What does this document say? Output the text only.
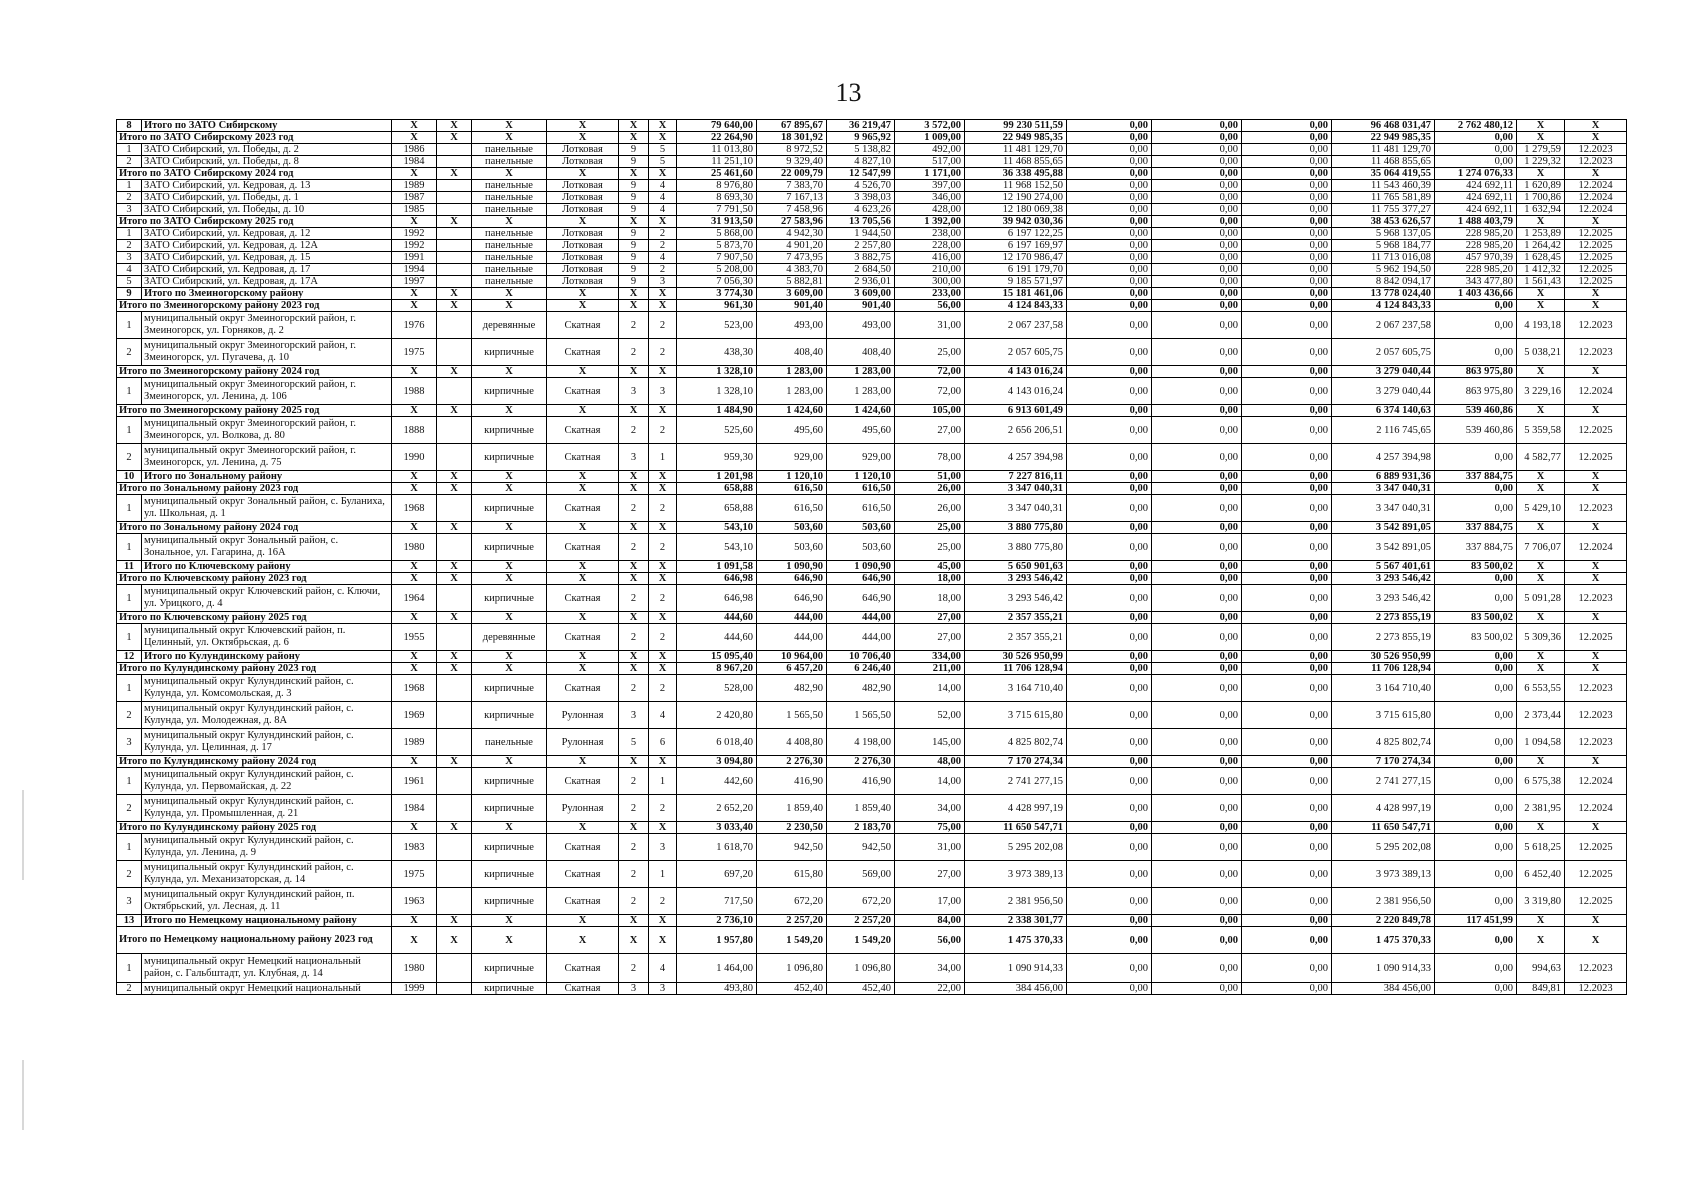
13
8	Итого по ЗАТО Сибирскому	X	X	X	X	X	X	79 640,00	67 895,67	36 219,47	3 572,00	99 230 511,59	0,00	0,00	0,00	96 468 031,47	2 762 480,12	X	X
Итого по ЗАТО Сибирскому 2023 год		X	X	X	X	X	X	22 264,90	18 301,92	9 965,92	1 009,00	22 949 985,35	0,00	0,00	0,00	22 949 985,35	0,00	X	X
1	ЗАТО Сибирский, ул. Победы, д. 2	1986		панельные	Лотковая	9	5	11 013,80	8 972,52	5 138,82	492,00	11 481 129,70	0,00	0,00	0,00	11 481 129,70	0,00	1 279,59	12.2023
2	ЗАТО Сибирский, ул. Победы, д. 8	1984		панельные	Лотковая	9	5	11 251,10	9 329,40	4 827,10	517,00	11 468 855,65	0,00	0,00	0,00	11 468 855,65	0,00	1 229,32	12.2023
Итого по ЗАТО Сибирскому 2024 год		X	X	X	X	X	X	25 461,60	22 009,79	12 547,99	1 171,00	36 338 495,88	0,00	0,00	0,00	35 064 419,55	1 274 076,33	X	X
1	ЗАТО Сибирский, ул. Кедровая, д. 13	1989		панельные	Лотковая	9	4	8 976,80	7 383,70	4 526,70	397,00	11 968 152,50	0,00	0,00	0,00	11 543 460,39	424 692,11	1 620,89	12.2024
2	ЗАТО Сибирский, ул. Победы, д. 1	1987		панельные	Лотковая	9	4	8 693,30	7 167,13	3 398,03	346,00	12 190 274,00	0,00	0,00	0,00	11 765 581,89	424 692,11	1 700,86	12.2024
3	ЗАТО Сибирский, ул. Победы, д. 10	1985		панельные	Лотковая	9	4	7 791,50	7 458,96	4 623,26	428,00	12 180 069,38	0,00	0,00	0,00	11 755 377,27	424 692,11	1 632,94	12.2024
Итого по ЗАТО Сибирскому 2025 год		X	X	X	X	X	X	31 913,50	27 583,96	13 705,56	1 392,00	39 942 030,36	0,00	0,00	0,00	38 453 626,57	1 488 403,79	X	X
1	ЗАТО Сибирский, ул. Кедровая, д. 12	1992		панельные	Лотковая	9	2	5 868,00	4 942,30	1 944,50	238,00	6 197 122,25	0,00	0,00	0,00	5 968 137,05	228 985,20	1 253,89	12.2025
2	ЗАТО Сибирский, ул. Кедровая, д. 12А	1992		панельные	Лотковая	9	2	5 873,70	4 901,20	2 257,80	228,00	6 197 169,97	0,00	0,00	0,00	5 968 184,77	228 985,20	1 264,42	12.2025
3	ЗАТО Сибирский, ул. Кедровая, д. 15	1991		панельные	Лотковая	9	4	7 907,50	7 473,95	3 882,75	416,00	12 170 986,47	0,00	0,00	0,00	11 713 016,08	457 970,39	1 628,45	12.2025
4	ЗАТО Сибирский, ул. Кедровая, д. 17	1994		панельные	Лотковая	9	2	5 208,00	4 383,70	2 684,50	210,00	6 191 179,70	0,00	0,00	0,00	5 962 194,50	228 985,20	1 412,32	12.2025
5	ЗАТО Сибирский, ул. Кедровая, д. 17А	1997		панельные	Лотковая	9	3	7 056,30	5 882,81	2 936,01	300,00	9 185 571,97	0,00	0,00	0,00	8 842 094,17	343 477,80	1 561,43	12.2025
9	Итого по Змеиногорскому району	X	X	X	X	X	X	3 774,30	3 609,00	3 609,00	233,00	15 181 461,06	0,00	0,00	0,00	13 778 024,40	1 403 436,66	X	X
Итого по Змеиногорскому району 2023 год		X	X	X	X	X	X	961,30	901,40	901,40	56,00	4 124 843,33	0,00	0,00	0,00	4 124 843,33	0,00	X	X
1	муниципальный округ Змеиногорский район, г. Змеиногорск, ул. Горняков, д. 2	1976		деревянные	Скатная	2	2	523,00	493,00	493,00	31,00	2 067 237,58	0,00	0,00	0,00	2 067 237,58	0,00	4 193,18	12.2023
2	муниципальный округ Змеиногорский район, г. Змеиногорск, ул. Пугачева, д. 10	1975		кирпичные	Скатная	2	2	438,30	408,40	408,40	25,00	2 057 605,75	0,00	0,00	0,00	2 057 605,75	0,00	5 038,21	12.2023
Итого по Змеиногорскому району 2024 год		X	X	X	X	X	X	1 328,10	1 283,00	1 283,00	72,00	4 143 016,24	0,00	0,00	0,00	3 279 040,44	863 975,80	X	X
1	муниципальный округ Змеиногорский район, г. Змеиногорск, ул. Ленина, д. 106	1988		кирпичные	Скатная	3	3	1 328,10	1 283,00	1 283,00	72,00	4 143 016,24	0,00	0,00	0,00	3 279 040,44	863 975,80	3 229,16	12.2024
Итого по Змеиногорскому району 2025 год		X	X	X	X	X	X	1 484,90	1 424,60	1 424,60	105,00	6 913 601,49	0,00	0,00	0,00	6 374 140,63	539 460,86	X	X
1	муниципальный округ Змеиногорский район, г. Змеиногорск, ул. Волкова, д. 80	1888		кирпичные	Скатная	2	2	525,60	495,60	495,60	27,00	2 656 206,51	0,00	0,00	0,00	2 116 745,65	539 460,86	5 359,58	12.2025
2	муниципальный округ Змеиногорский район, г. Змеиногорск, ул. Ленина, д. 75	1990		кирпичные	Скатная	3	1	959,30	929,00	929,00	78,00	4 257 394,98	0,00	0,00	0,00	4 257 394,98	0,00	4 582,77	12.2025
10	Итого по Зональному району	X	X	X	X	X	X	1 201,98	1 120,10	1 120,10	51,00	7 227 816,11	0,00	0,00	0,00	6 889 931,36	337 884,75	X	X
Итого по Зональному району 2023 год		X	X	X	X	X	X	658,88	616,50	616,50	26,00	3 347 040,31	0,00	0,00	0,00	3 347 040,31	0,00	X	X
1	муниципальный округ Зональный район, с. Буланиха, ул. Школьная, д. 1	1968		кирпичные	Скатная	2	2	658,88	616,50	616,50	26,00	3 347 040,31	0,00	0,00	0,00	3 347 040,31	0,00	5 429,10	12.2023
Итого по Зональному району 2024 год		X	X	X	X	X	X	543,10	503,60	503,60	25,00	3 880 775,80	0,00	0,00	0,00	3 542 891,05	337 884,75	X	X
1	муниципальный округ Зональный район, с. Зональное, ул. Гагарина, д. 16А	1980		кирпичные	Скатная	2	2	543,10	503,60	503,60	25,00	3 880 775,80	0,00	0,00	0,00	3 542 891,05	337 884,75	7 706,07	12.2024
11	Итого по Ключевскому району	X	X	X	X	X	X	1 091,58	1 090,90	1 090,90	45,00	5 650 901,63	0,00	0,00	0,00	5 567 401,61	83 500,02	X	X
Итого по Ключевскому району 2023 год		X	X	X	X	X	X	646,98	646,90	646,90	18,00	3 293 546,42	0,00	0,00	0,00	3 293 546,42	0,00	X	X
1	муниципальный округ Ключевский район, с. Ключи, ул. Урицкого, д. 4	1964		кирпичные	Скатная	2	2	646,98	646,90	646,90	18,00	3 293 546,42	0,00	0,00	0,00	3 293 546,42	0,00	5 091,28	12.2023
Итого по Ключевскому району 2025 год		X	X	X	X	X	X	444,60	444,00	444,00	27,00	2 357 355,21	0,00	0,00	0,00	2 273 855,19	83 500,02	X	X
1	муниципальный округ Ключевский район, п. Целинный, ул. Октябрьская, д. 6	1955		деревянные	Скатная	2	2	444,60	444,00	444,00	27,00	2 357 355,21	0,00	0,00	0,00	2 273 855,19	83 500,02	5 309,36	12.2025
12	Итого по Кулундинскому району	X	X	X	X	X	X	15 095,40	10 964,00	10 706,40	334,00	30 526 950,99	0,00	0,00	0,00	30 526 950,99	0,00	X	X
Итого по Кулундинскому району 2023 год		X	X	X	X	X	X	8 967,20	6 457,20	6 246,40	211,00	11 706 128,94	0,00	0,00	0,00	11 706 128,94	0,00	X	X
1	муниципальный округ Кулундинский район, с. Кулунда, ул. Комсомольская, д. 3	1968		кирпичные	Скатная	2	2	528,00	482,90	482,90	14,00	3 164 710,40	0,00	0,00	0,00	3 164 710,40	0,00	6 553,55	12.2023
2	муниципальный округ Кулундинский район, с. Кулунда, ул. Молодежная, д. 8А	1969		кирпичные	Рулонная	3	4	2 420,80	1 565,50	1 565,50	52,00	3 715 615,80	0,00	0,00	0,00	3 715 615,80	0,00	2 373,44	12.2023
3	муниципальный округ Кулундинский район, с. Кулунда, ул. Целинная, д. 17	1989		панельные	Рулонная	5	6	6 018,40	4 408,80	4 198,00	145,00	4 825 802,74	0,00	0,00	0,00	4 825 802,74	0,00	1 094,58	12.2023
Итого по Кулундинскому району 2024 год		X	X	X	X	X	X	3 094,80	2 276,30	2 276,30	48,00	7 170 274,34	0,00	0,00	0,00	7 170 274,34	0,00	X	X
1	муниципальный округ Кулундинский район, с. Кулунда, ул. Первомайская, д. 22	1961		кирпичные	Скатная	2	1	442,60	416,90	416,90	14,00	2 741 277,15	0,00	0,00	0,00	2 741 277,15	0,00	6 575,38	12.2024
2	муниципальный округ Кулундинский район, с. Кулунда, ул. Промышленная, д. 21	1984		кирпичные	Рулонная	2	2	2 652,20	1 859,40	1 859,40	34,00	4 428 997,19	0,00	0,00	0,00	4 428 997,19	0,00	2 381,95	12.2024
Итого по Кулундинскому району 2025 год		X	X	X	X	X	X	3 033,40	2 230,50	2 183,70	75,00	11 650 547,71	0,00	0,00	0,00	11 650 547,71	0,00	X	X
1	муниципальный округ Кулундинский район, с. Кулунда, ул. Ленина, д. 9	1983		кирпичные	Скатная	2	3	1 618,70	942,50	942,50	31,00	5 295 202,08	0,00	0,00	0,00	5 295 202,08	0,00	5 618,25	12.2025
2	муниципальный округ Кулундинский район, с. Кулунда, ул. Механизаторская, д. 14	1975		кирпичные	Скатная	2	1	697,20	615,80	569,00	27,00	3 973 389,13	0,00	0,00	0,00	3 973 389,13	0,00	6 452,40	12.2025
3	муниципальный округ Кулундинский район, п. Октябрьский, ул. Лесная, д. 11	1963		кирпичные	Скатная	2	2	717,50	672,20	672,20	17,00	2 381 956,50	0,00	0,00	0,00	2 381 956,50	0,00	3 319,80	12.2025
13	Итого по Немецкому национальному району	X	X	X	X	X	X	2 736,10	2 257,20	2 257,20	84,00	2 338 301,77	0,00	0,00	0,00	2 220 849,78	117 451,99	X	X
Итого по Немецкому национальному району 2023 год		X	X	X	X	X	X	1 957,80	1 549,20	1 549,20	56,00	1 475 370,33	0,00	0,00	0,00	1 475 370,33	0,00	X	X
1	муниципальный округ Немецкий национальный район, с. Гальбштадт, ул. Клубная, д. 14	1980		кирпичные	Скатная	2	4	1 464,00	1 096,80	1 096,80	34,00	1 090 914,33	0,00	0,00	0,00	1 090 914,33	0,00	994,63	12.2023
2	муниципальный округ Немецкий национальный	1999		кирпичные	Скатная	3	3	493,80	452,40	452,40	22,00	384 456,00	0,00	0,00	0,00	384 456,00	0,00	849,81	12.2023
